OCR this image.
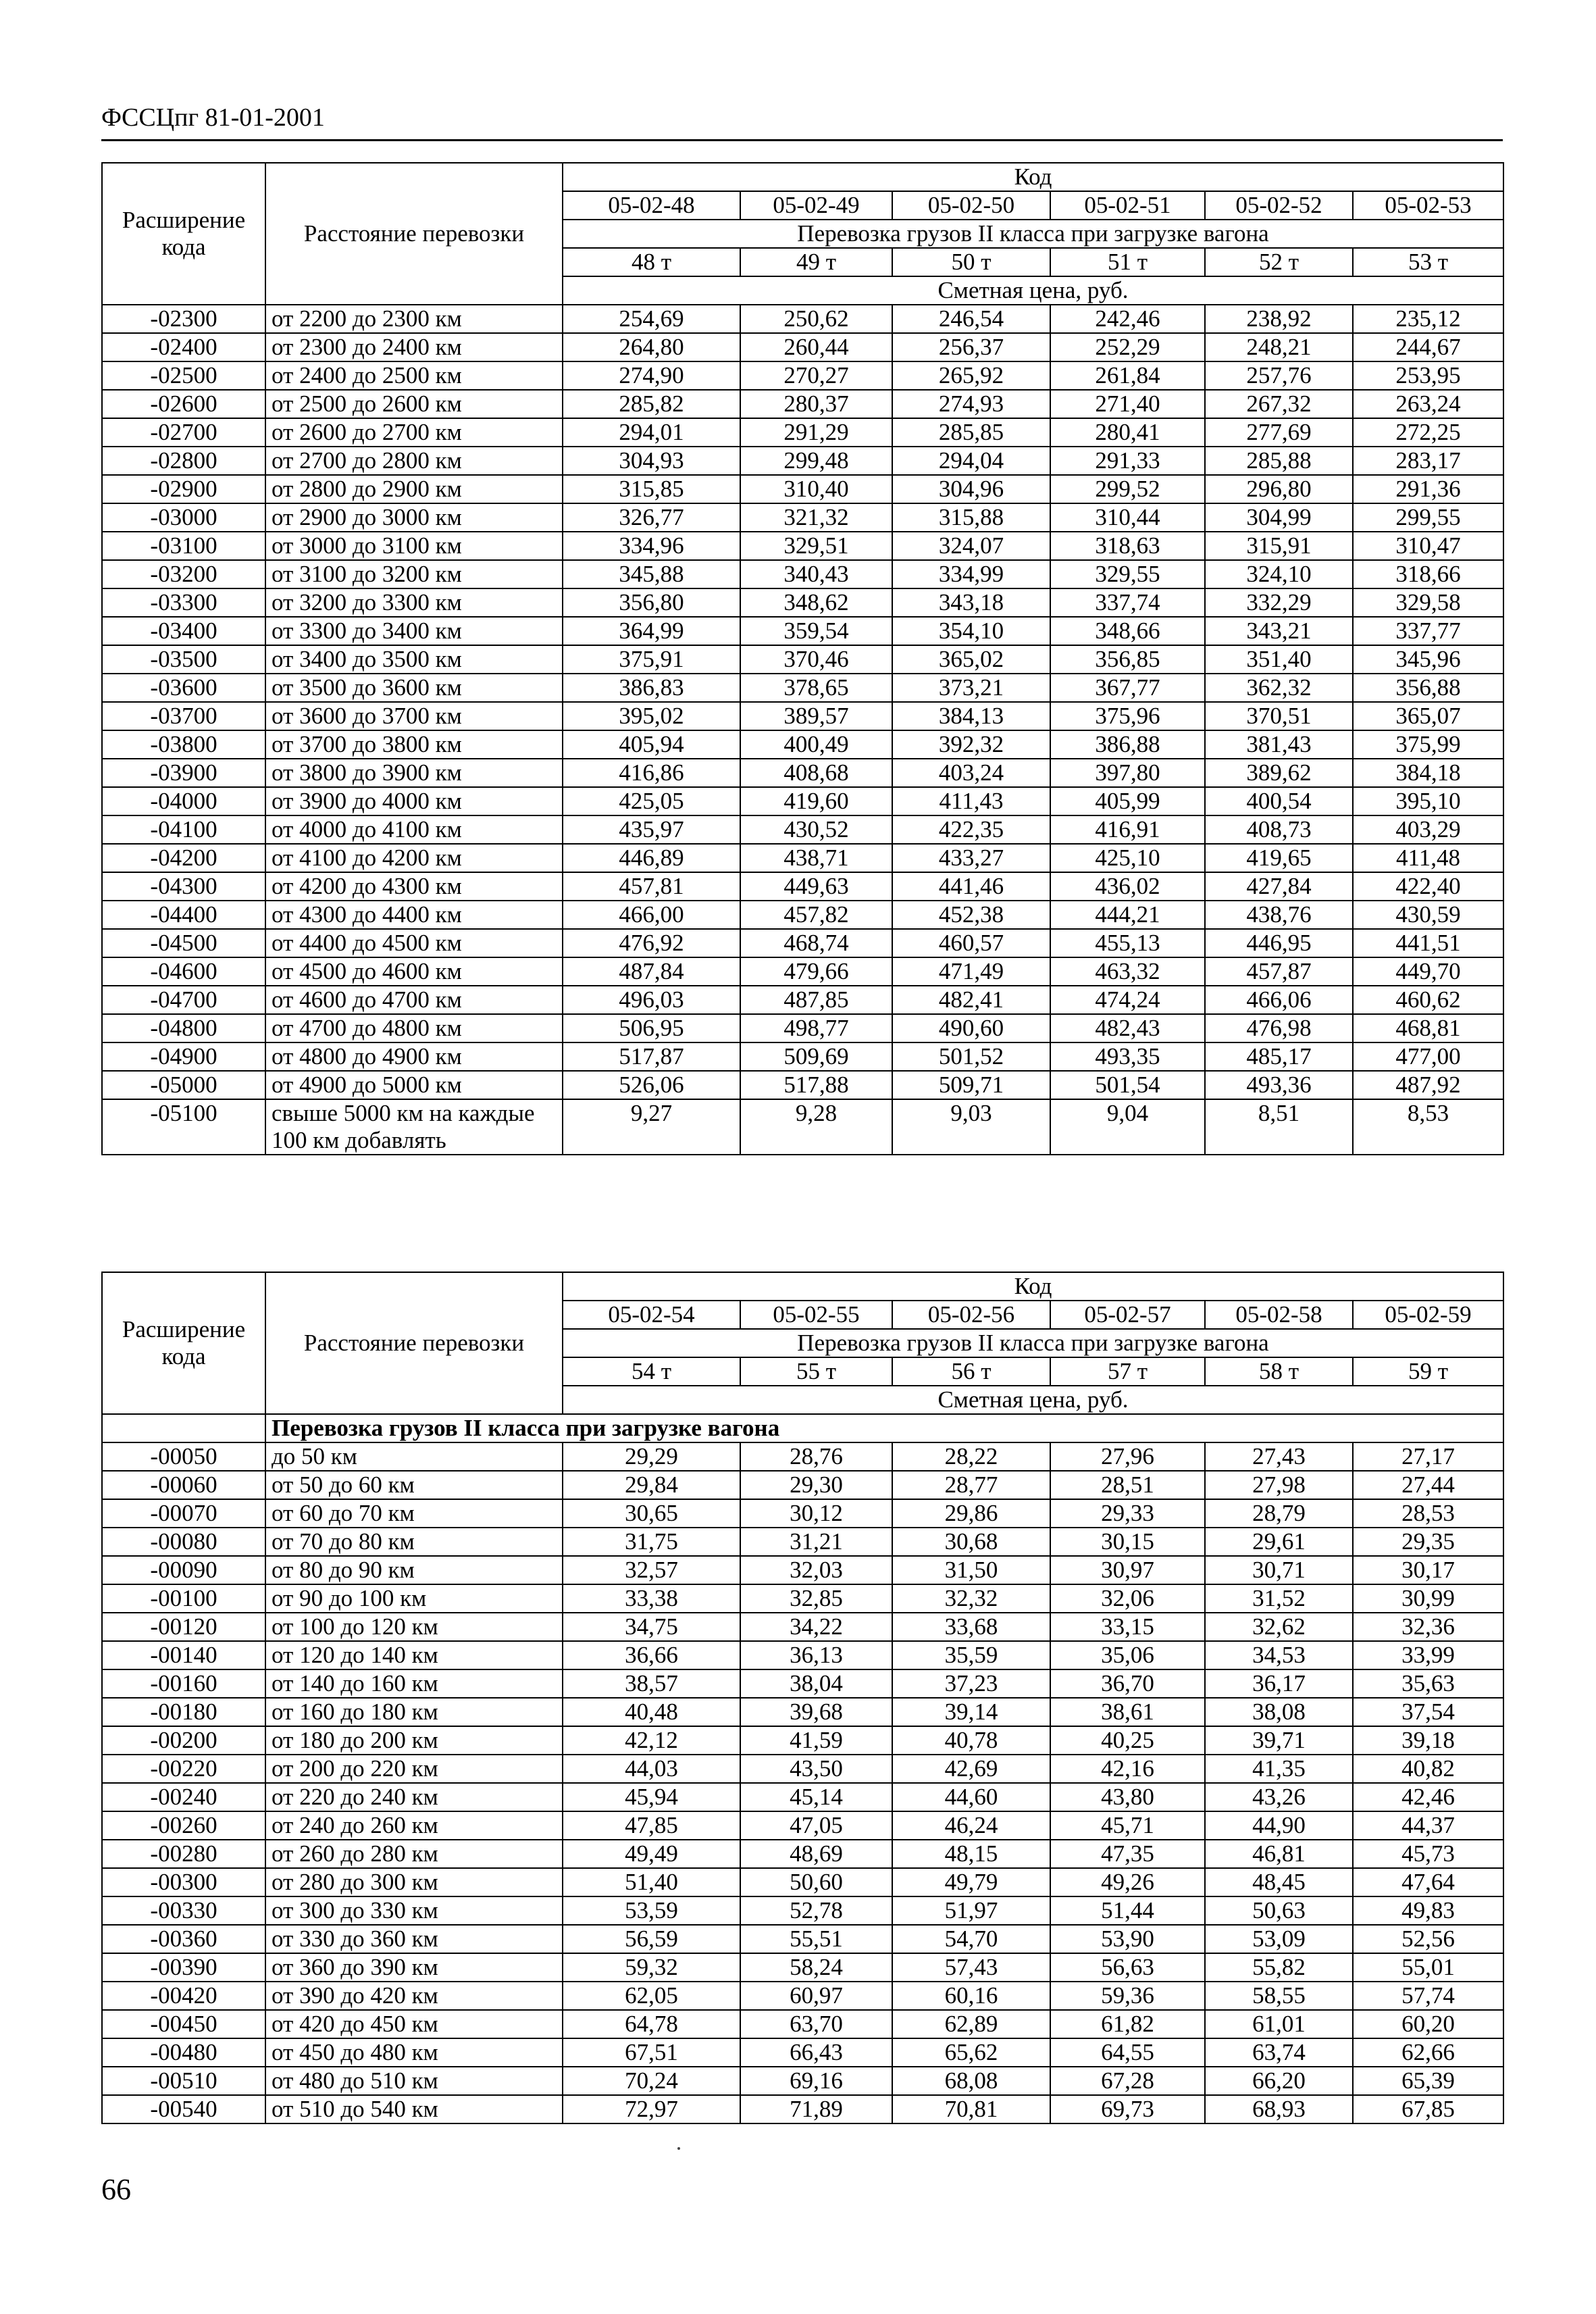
ФССЦпг 81-01-2001
Расширение кода	Расстояние перевозки	Код					
		05-02-48	05-02-49	05-02-50	05-02-51	05-02-52	05-02-53
		Перевозка грузов II класса при загрузке вагона					
		48 т	49 т	50 т	51 т	52 т	53 т
		Сметная цена, руб.					
-02300	от 2200 до 2300 км	254,69	250,62	246,54	242,46	238,92	235,12
-02400	от 2300 до 2400 км	264,80	260,44	256,37	252,29	248,21	244,67
-02500	от 2400 до 2500 км	274,90	270,27	265,92	261,84	257,76	253,95
-02600	от 2500 до 2600 км	285,82	280,37	274,93	271,40	267,32	263,24
-02700	от 2600 до 2700 км	294,01	291,29	285,85	280,41	277,69	272,25
-02800	от 2700 до 2800 км	304,93	299,48	294,04	291,33	285,88	283,17
-02900	от 2800 до 2900 км	315,85	310,40	304,96	299,52	296,80	291,36
-03000	от 2900 до 3000 км	326,77	321,32	315,88	310,44	304,99	299,55
-03100	от 3000 до 3100 км	334,96	329,51	324,07	318,63	315,91	310,47
-03200	от 3100 до 3200 км	345,88	340,43	334,99	329,55	324,10	318,66
-03300	от 3200 до 3300 км	356,80	348,62	343,18	337,74	332,29	329,58
-03400	от 3300 до 3400 км	364,99	359,54	354,10	348,66	343,21	337,77
-03500	от 3400 до 3500 км	375,91	370,46	365,02	356,85	351,40	345,96
-03600	от 3500 до 3600 км	386,83	378,65	373,21	367,77	362,32	356,88
-03700	от 3600 до 3700 км	395,02	389,57	384,13	375,96	370,51	365,07
-03800	от 3700 до 3800 км	405,94	400,49	392,32	386,88	381,43	375,99
-03900	от 3800 до 3900 км	416,86	408,68	403,24	397,80	389,62	384,18
-04000	от 3900 до 4000 км	425,05	419,60	411,43	405,99	400,54	395,10
-04100	от 4000 до 4100 км	435,97	430,52	422,35	416,91	408,73	403,29
-04200	от 4100 до 4200 км	446,89	438,71	433,27	425,10	419,65	411,48
-04300	от 4200 до 4300 км	457,81	449,63	441,46	436,02	427,84	422,40
-04400	от 4300 до 4400 км	466,00	457,82	452,38	444,21	438,76	430,59
-04500	от 4400 до 4500 км	476,92	468,74	460,57	455,13	446,95	441,51
-04600	от 4500 до 4600 км	487,84	479,66	471,49	463,32	457,87	449,70
-04700	от 4600 до 4700 км	496,03	487,85	482,41	474,24	466,06	460,62
-04800	от 4700 до 4800 км	506,95	498,77	490,60	482,43	476,98	468,81
-04900	от 4800 до 4900 км	517,87	509,69	501,52	493,35	485,17	477,00
-05000	от 4900 до 5000 км	526,06	517,88	509,71	501,54	493,36	487,92
-05100	свыше 5000 км на каждые 100 км добавлять	9,27	9,28	9,03	9,04	8,51	8,53
Расширение кода	Расстояние перевозки	Код					
		05-02-54	05-02-55	05-02-56	05-02-57	05-02-58	05-02-59
		Перевозка грузов II класса при загрузке вагона					
		54 т	55 т	56 т	57 т	58 т	59 т
		Сметная цена, руб.					
	Перевозка грузов II класса при загрузке вагона						
-00050	до 50 км	29,29	28,76	28,22	27,96	27,43	27,17
-00060	от 50 до 60 км	29,84	29,30	28,77	28,51	27,98	27,44
-00070	от 60 до 70 км	30,65	30,12	29,86	29,33	28,79	28,53
-00080	от 70 до 80 км	31,75	31,21	30,68	30,15	29,61	29,35
-00090	от 80 до 90 км	32,57	32,03	31,50	30,97	30,71	30,17
-00100	от 90 до 100 км	33,38	32,85	32,32	32,06	31,52	30,99
-00120	от 100 до 120 км	34,75	34,22	33,68	33,15	32,62	32,36
-00140	от 120 до 140 км	36,66	36,13	35,59	35,06	34,53	33,99
-00160	от 140 до 160 км	38,57	38,04	37,23	36,70	36,17	35,63
-00180	от 160 до 180 км	40,48	39,68	39,14	38,61	38,08	37,54
-00200	от 180 до 200 км	42,12	41,59	40,78	40,25	39,71	39,18
-00220	от 200 до 220 км	44,03	43,50	42,69	42,16	41,35	40,82
-00240	от 220 до 240 км	45,94	45,14	44,60	43,80	43,26	42,46
-00260	от 240 до 260 км	47,85	47,05	46,24	45,71	44,90	44,37
-00280	от 260 до 280 км	49,49	48,69	48,15	47,35	46,81	45,73
-00300	от 280 до 300 км	51,40	50,60	49,79	49,26	48,45	47,64
-00330	от 300 до 330 км	53,59	52,78	51,97	51,44	50,63	49,83
-00360	от 330 до 360 км	56,59	55,51	54,70	53,90	53,09	52,56
-00390	от 360 до 390 км	59,32	58,24	57,43	56,63	55,82	55,01
-00420	от 390 до 420 км	62,05	60,97	60,16	59,36	58,55	57,74
-00450	от 420 до 450 км	64,78	63,70	62,89	61,82	61,01	60,20
-00480	от 450 до 480 км	67,51	66,43	65,62	64,55	63,74	62,66
-00510	от 480 до 510 км	70,24	69,16	68,08	67,28	66,20	65,39
-00540	от 510 до 540 км	72,97	71,89	70,81	69,73	68,93	67,85
66
